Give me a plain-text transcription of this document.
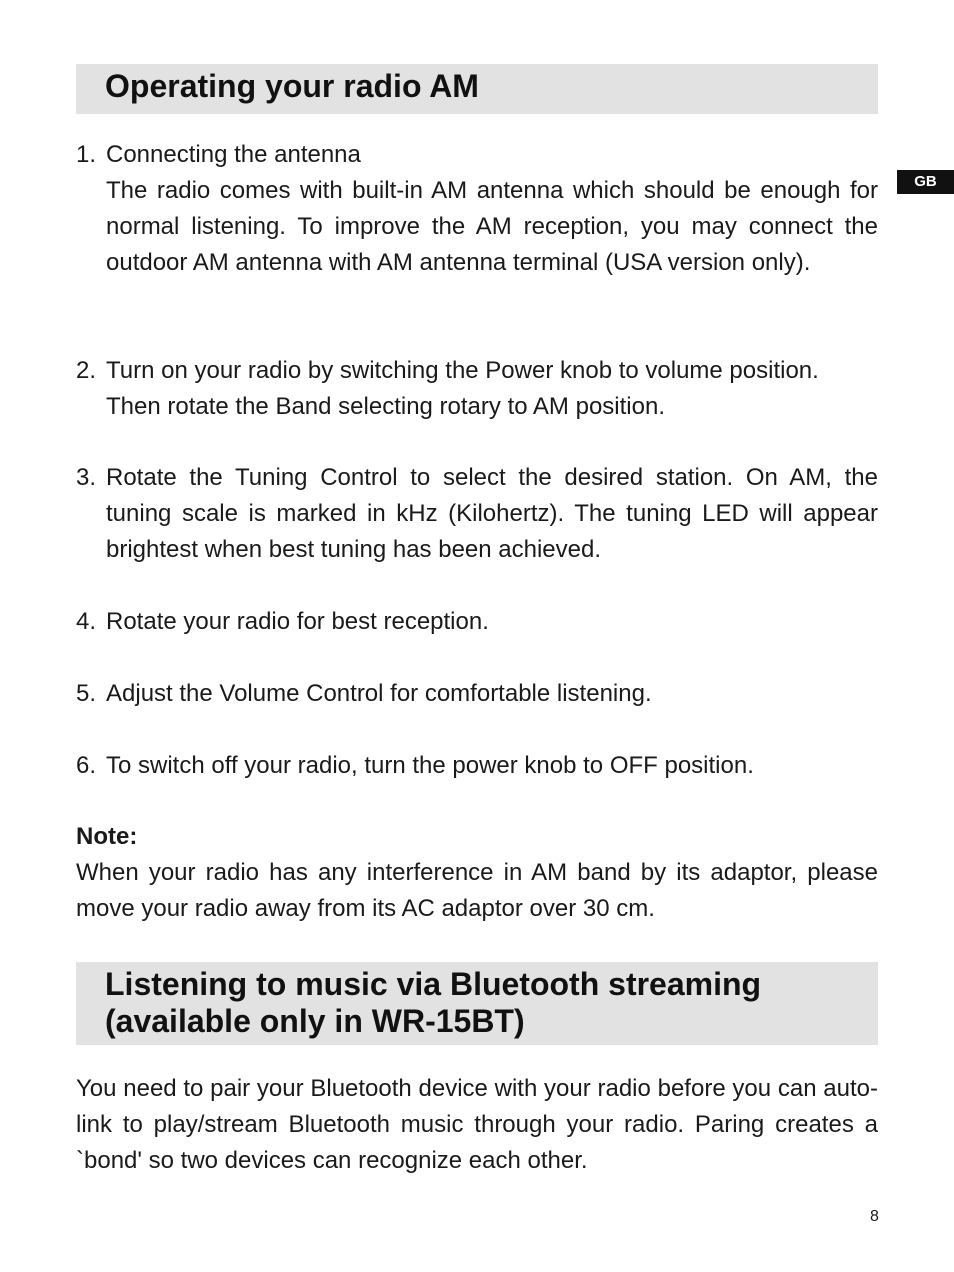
Operating your radio AM
GB
1. Connecting the antenna
The radio comes with built-in AM antenna which should be enough for normal listening. To improve the AM reception, you may connect the outdoor AM antenna with AM antenna terminal (USA version only).
2. Turn on your radio by switching the Power knob to volume position. Then rotate the Band selecting rotary to AM position.
3. Rotate the Tuning Control to select the desired station. On AM, the tuning scale is marked in kHz (Kilohertz). The tuning LED will appear brightest when best tuning has been achieved.
4. Rotate your radio for best reception.
5. Adjust the Volume Control for comfortable listening.
6. To switch off your radio, turn the power knob to OFF position.
Note:
When your radio has any interference in AM band by its adaptor, please move your radio away from its AC adaptor over 30 cm.
Listening to music via Bluetooth streaming
(available only in WR-15BT)
You need to pair your Bluetooth device with your radio before you can auto-link to play/stream Bluetooth music through your radio. Paring creates a `bond' so two devices can recognize each other.
8
